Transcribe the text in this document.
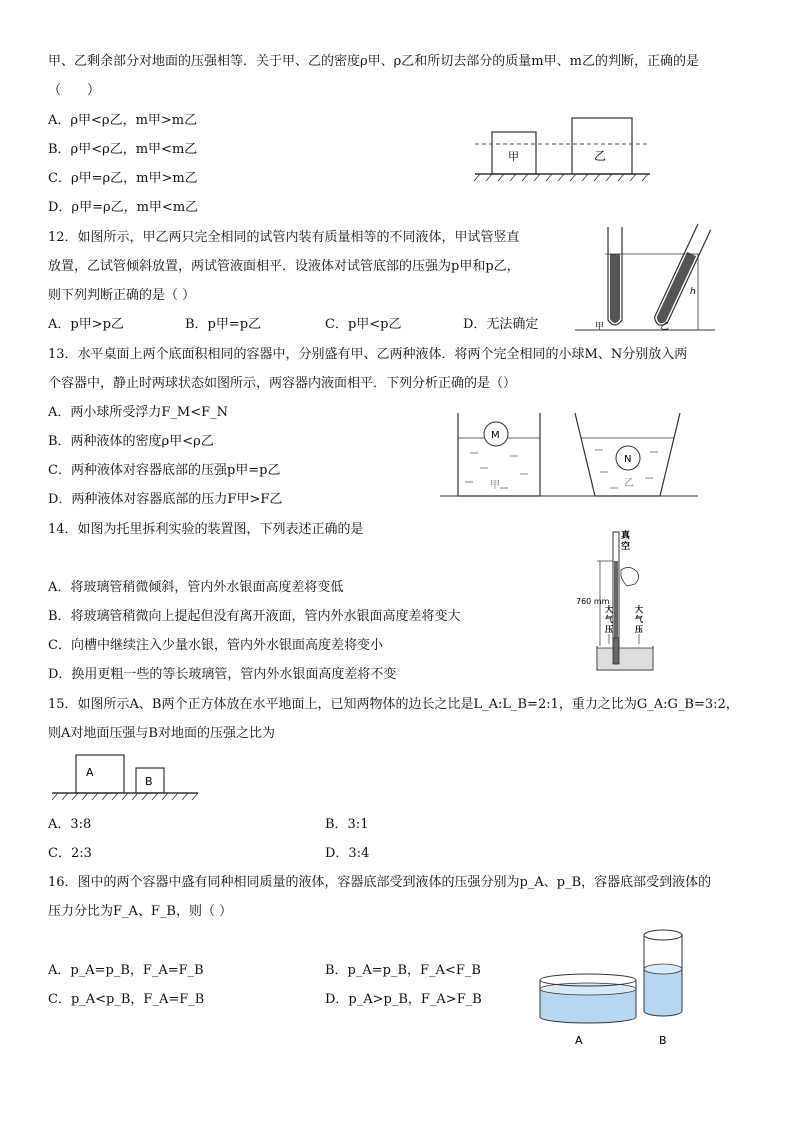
甲、乙剩余部分对地面的压强相等．关于甲、乙的密度ρ甲、ρ乙和所切去部分的质量m甲、m乙的判断，正确的是
（　　）
A．ρ甲<ρ乙，m甲>m乙
B．ρ甲<ρ乙，m甲<m乙
C．ρ甲=ρ乙，m甲>m乙
D．ρ甲=ρ乙，m甲<m乙
甲	乙
12．如图所示，甲乙两只完全相同的试管内装有质量相等的不同液体，甲试管竖直
放置，乙试管倾斜放置，两试管液面相平．设液体对试管底部的压强为p甲和p乙，
则下列判断正确的是（ ）
A．p甲>p乙	B．p甲=p乙	C．p甲<p乙	D．无法确定
h
甲	乙
13．水平桌面上两个底面积相同的容器中，分别盛有甲、乙两种液体．将两个完全相同的小球M、N分别放入两
个容器中，静止时两球状态如图所示，两容器内液面相平．下列分析正确的是（）
A．两小球所受浮力F_M<F_N
B．两种液体的密度ρ甲<ρ乙
C．两种液体对容器底部的压强p甲=p乙
D．两种液体对容器底部的压力F甲>F乙
M
甲
N
乙
14．如图为托里拆利实验的装置图，下列表述正确的是
A．将玻璃管稍微倾斜，管内外水银面高度差将变低
B．将玻璃管稍微向上提起但没有离开液面，管内外水银面高度差将变大
C．向槽中继续注入少量水银，管内外水银面高度差将变小
D．换用更粗一些的等长玻璃管，管内外水银面高度差将不变
真
空
760 mm
大
气
压
大
气
压
15．如图所示A、B两个正方体放在水平地面上，已知两物体的边长之比是L_A:L_B=2:1，重力之比为G_A:G_B=3:2，
则A对地面压强与B对地面的压强之比为
A
B
A．3:8	B．3:1
C．2:3	D．3:4
16．图中的两个容器中盛有同种相同质量的液体，容器底部受到液体的压强分别为p_A、p_B，容器底部受到液体的
压力分比为F_A、F_B，则（ ）
A．p_A=p_B，F_A=F_B	B．p_A=p_B，F_A<F_B
C．p_A<p_B，F_A=F_B	D．p_A>p_B，F_A>F_B
A	B
